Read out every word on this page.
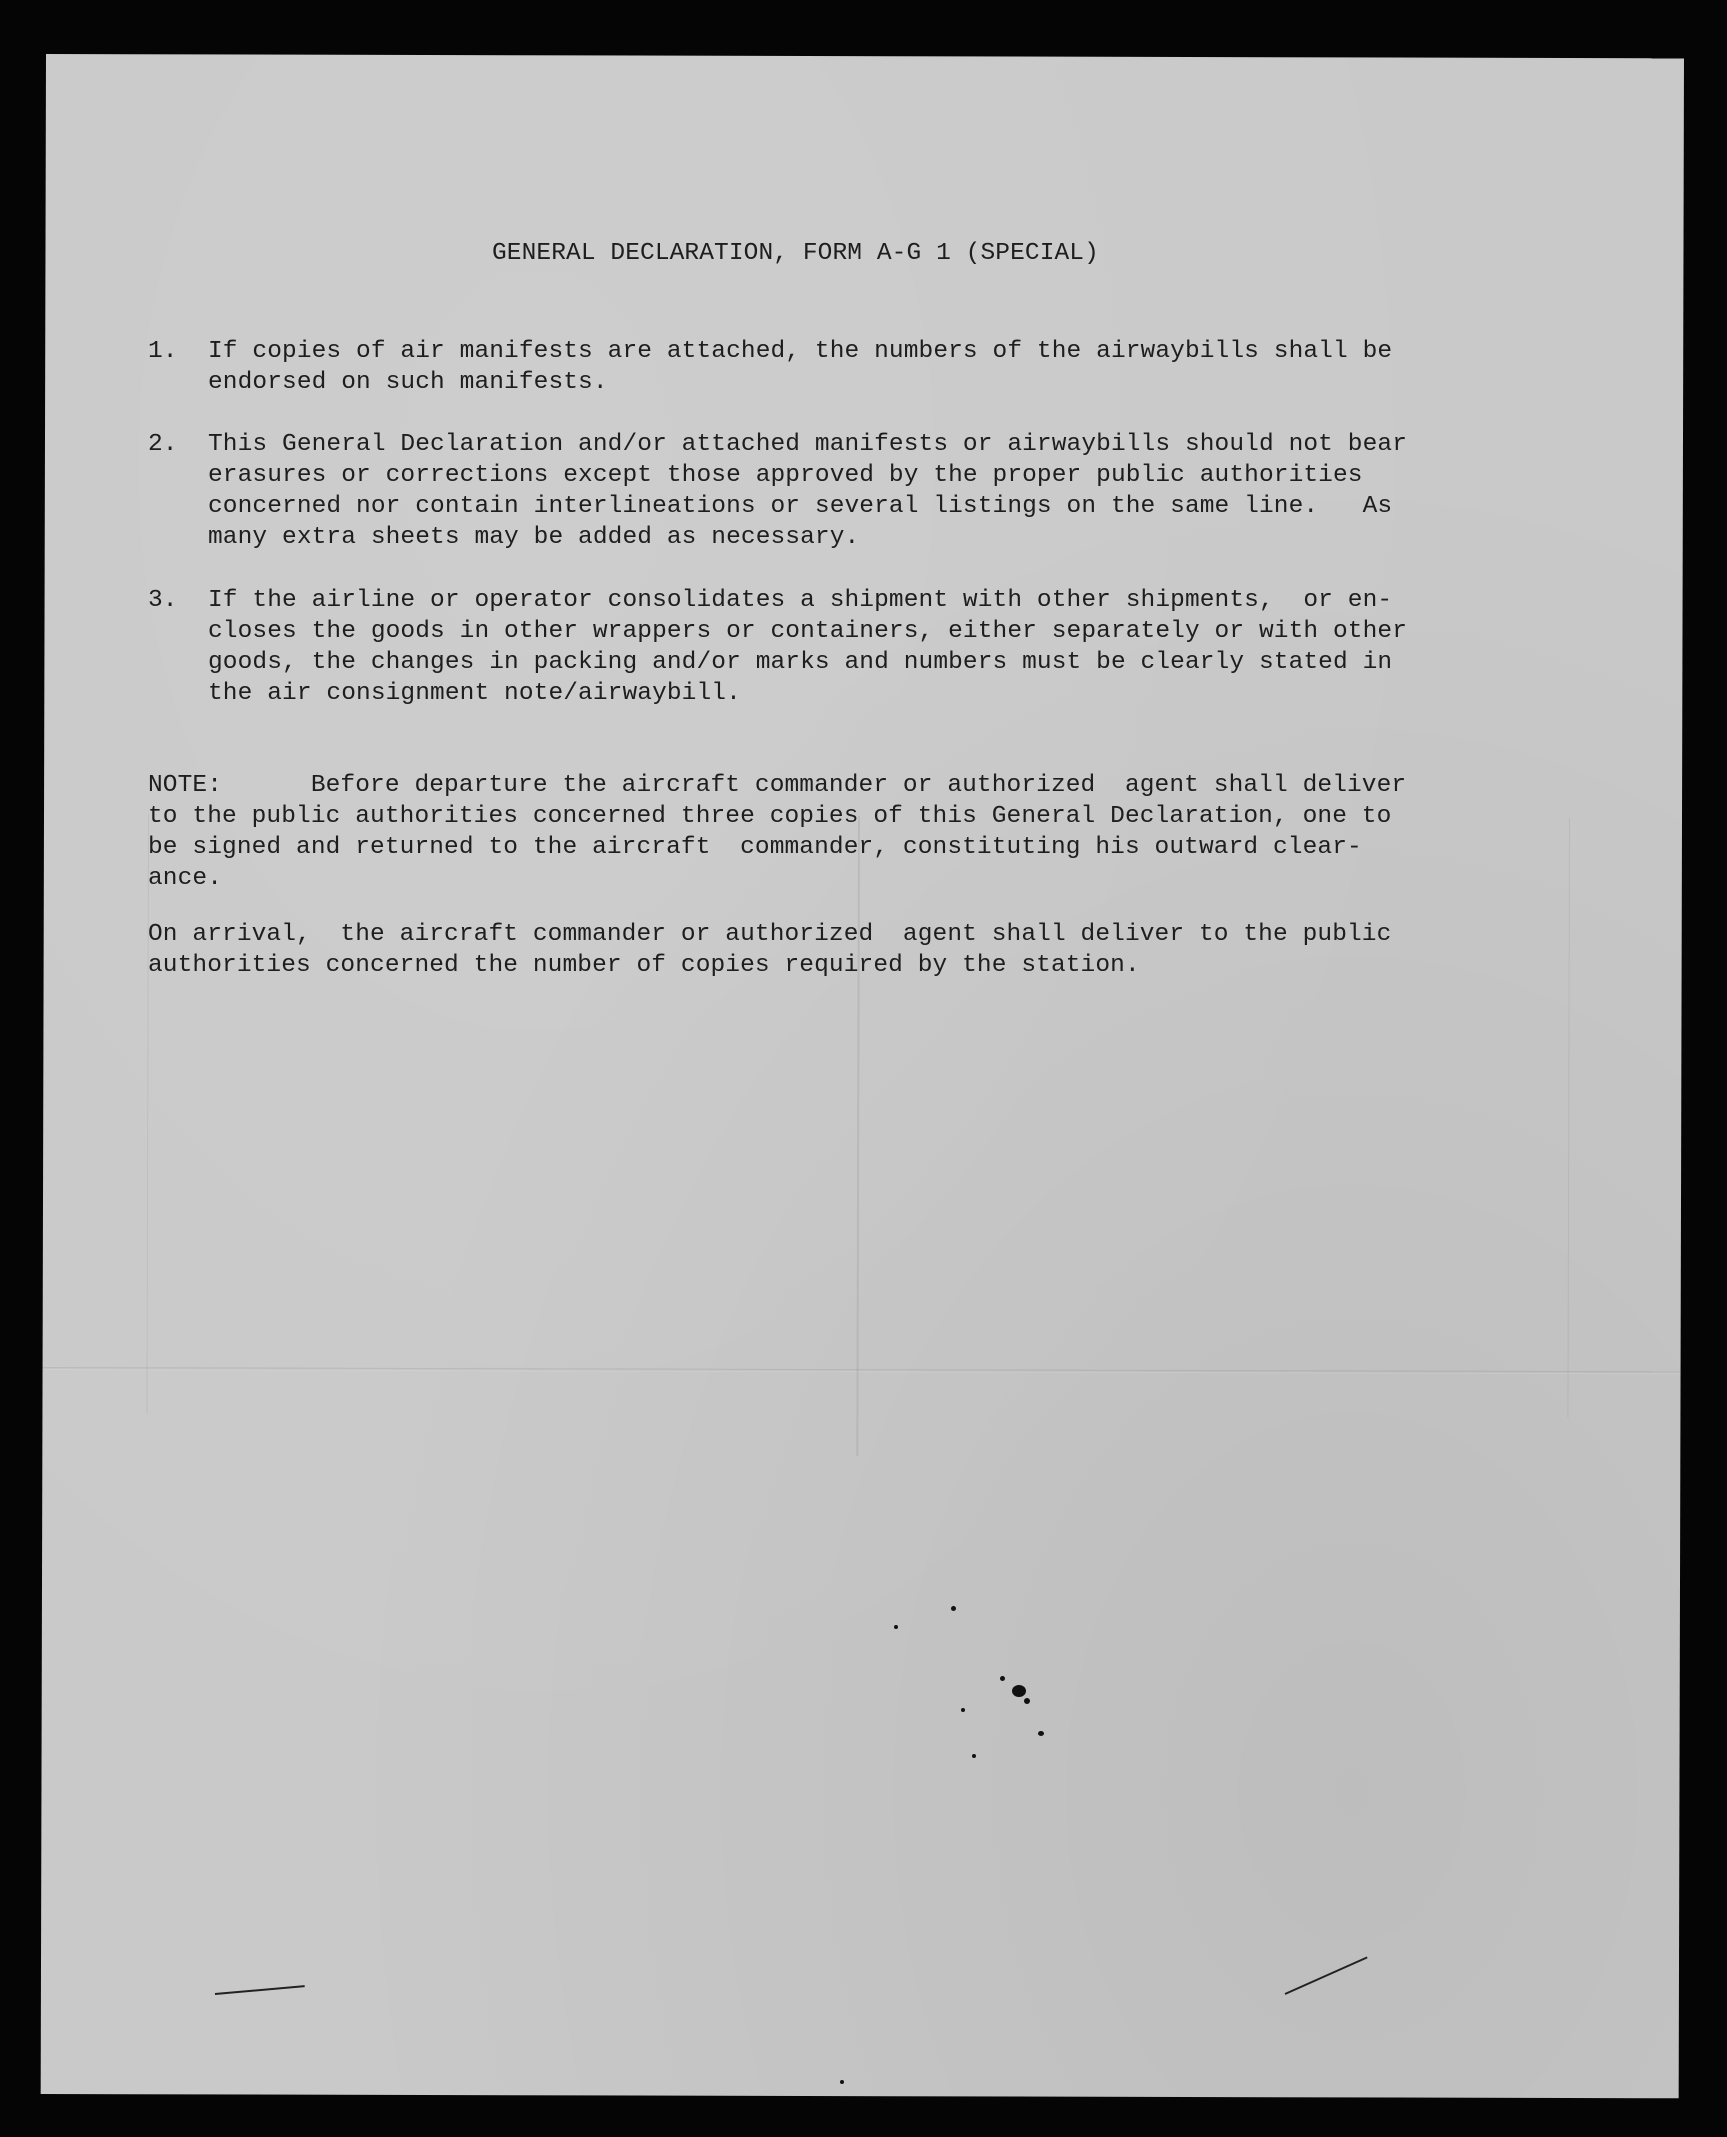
GENERAL DECLARATION, FORM A-G 1 (SPECIAL)

1.

If copies of air manifests are attached, the numbers of the airwaybills shall be
endorsed on such manifests.

2.

This General Declaration and/or attached manifests or airwaybills should not bear
erasures or corrections except those approved by the proper public authorities
concerned nor contain interlineations or several listings on the same line.   As
many extra sheets may be added as necessary.

3.

If the airline or operator consolidates a shipment with other shipments,  or en-
closes the goods in other wrappers or containers, either separately or with other
goods, the changes in packing and/or marks and numbers must be clearly stated in
the air consignment note/airwaybill.

NOTE:      Before departure the aircraft commander or authorized  agent shall deliver
to the public authorities concerned three copies of this General Declaration, one to
be signed and returned to the aircraft  commander, constituting his outward clear-
ance.
On arrival,  the aircraft commander or authorized  agent shall deliver to the public
authorities concerned the number of copies required by the station.
